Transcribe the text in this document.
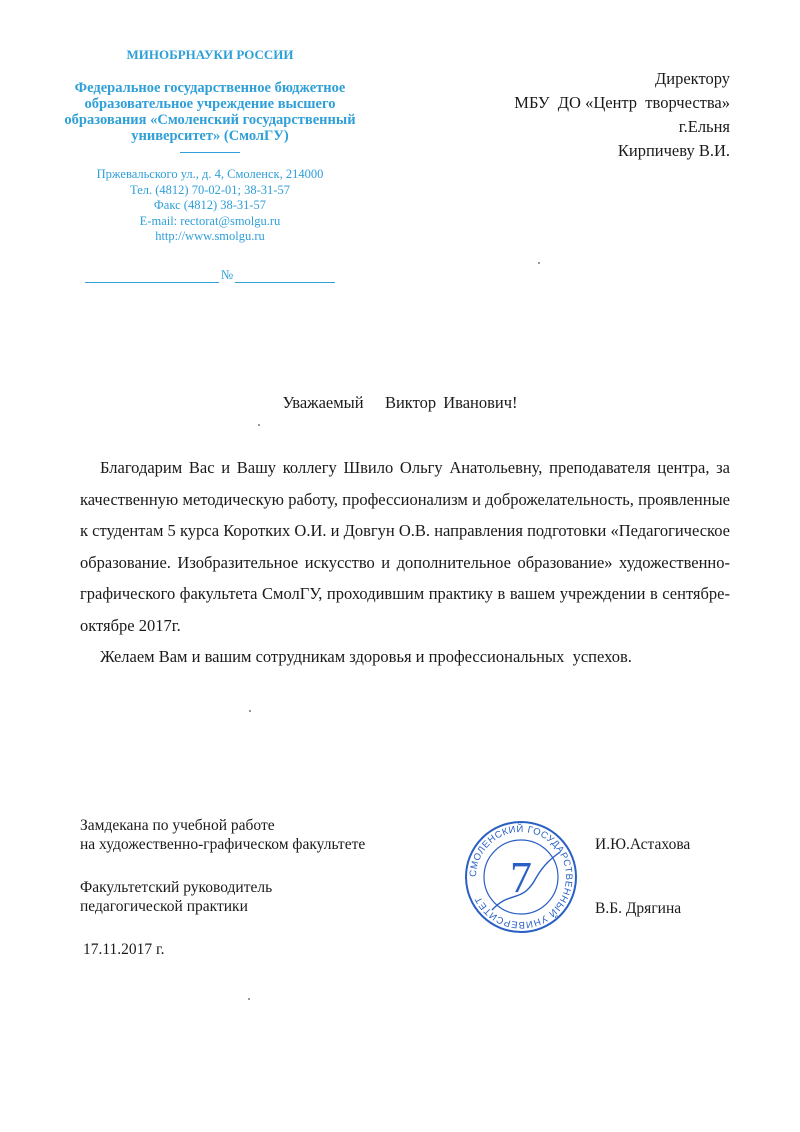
МИНОБРНАУКИ РОССИИ
Федеральное государственное бюджетное
образовательное учреждение высшего
образования «Смоленский государственный
университет» (СмолГУ)
Пржевальского ул., д. 4, Смоленск, 214000
Тел. (4812) 70-02-01; 38-31-57
Факс (4812) 38-31-57
E-mail: rectorat@smolgu.ru
http://www.smolgu.ru
№
Директору
МБУ  ДО «Центр  творчества»
г.Ельня
Кирпичеву В.И.
Уважаемый   Виктор Иванович!

Благодарим Вас и Вашу коллегу Швило Ольгу Анатольевну, преподавателя центра, за качественную методическую работу, профессионализм и доброжелательность, проявленные к студентам 5 курса Коротких О.И. и Довгун О.В. направления подготовки «Педагогическое образование. Изобразительное искусство и дополнительное образование» художественно-графического факультета СмолГУ, проходившим практику в вашем учреждении в сентябре-октябре 2017г.

Желаем Вам и вашим сотрудникам здоровья и профессиональных  успехов.

Замдекана по учебной работе
на художественно-графическом факультете	И.Ю.Астахова
Факультетский руководитель
педагогической практики	В.Б. Дрягина
17.11.2017 г.
СМОЛЕНСКИЙ ГОСУДАРСТВЕННЫЙ УНИВЕРСИТЕТ 7
